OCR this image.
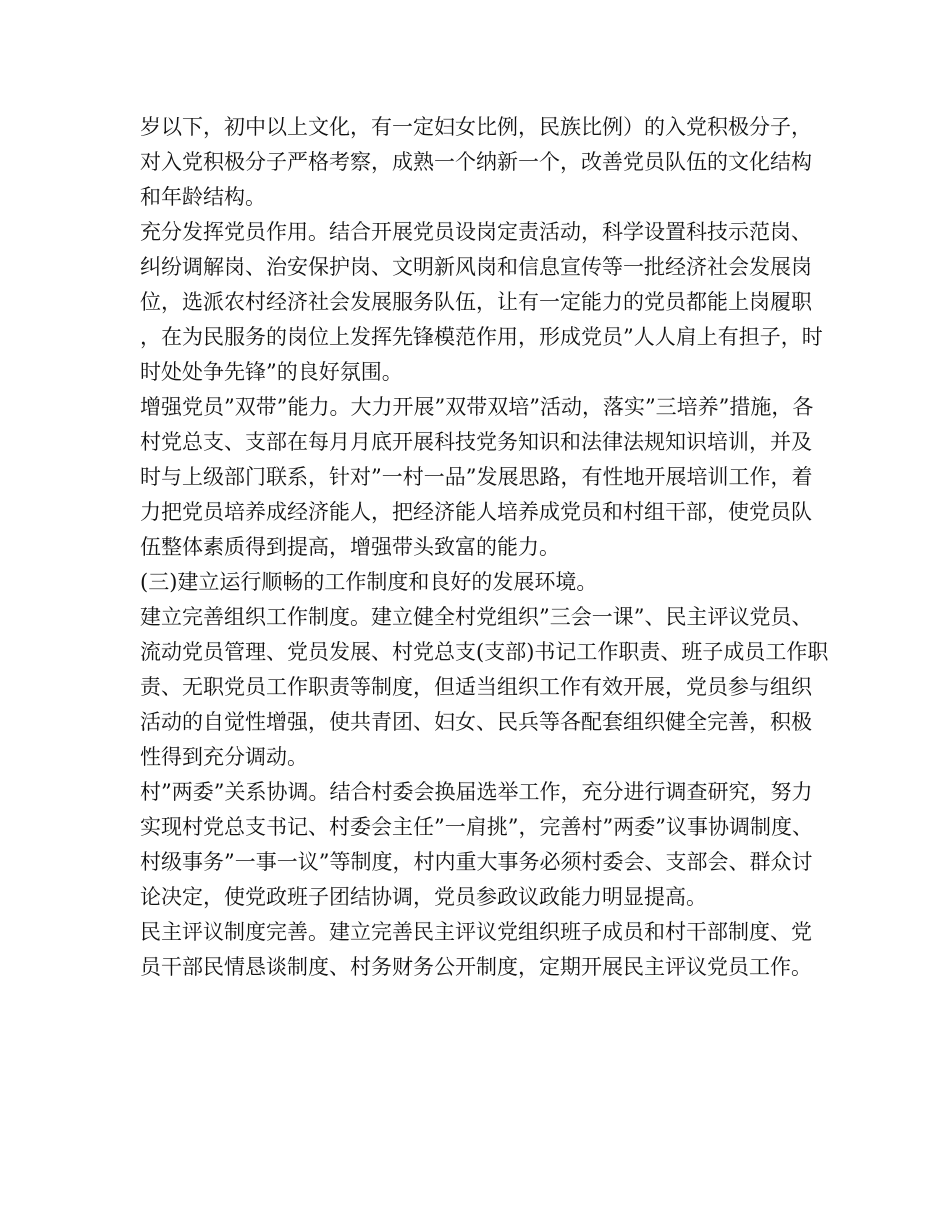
岁以下，初中以上文化，有一定妇女比例，民族比例）的入党积极分子，对入党积极分子严格考察，成熟一个纳新一个，改善党员队伍的文化结构和年龄结构。

充分发挥党员作用。结合开展党员设岗定责活动，科学设置科技示范岗、纠纷调解岗、治安保护岗、文明新风岗和信息宣传等一批经济社会发展岗位，选派农村经济社会发展服务队伍，让有一定能力的党员都能上岗履职，在为民服务的岗位上发挥先锋模范作用，形成党员”人人肩上有担子，时时处处争先锋”的良好氛围。

增强党员”双带”能力。大力开展”双带双培”活动，落实”三培养”措施，各村党总支、支部在每月月底开展科技党务知识和法律法规知识培训，并及时与上级部门联系，针对”一村一品”发展思路，有性地开展培训工作，着力把党员培养成经济能人，把经济能人培养成党员和村组干部，使党员队伍整体素质得到提高，增强带头致富的能力。

(三)建立运行顺畅的工作制度和良好的发展环境。

建立完善组织工作制度。建立健全村党组织”三会一课”、民主评议党员、流动党员管理、党员发展、村党总支(支部)书记工作职责、班子成员工作职责、无职党员工作职责等制度，但适当组织工作有效开展，党员参与组织活动的自觉性增强，使共青团、妇女、民兵等各配套组织健全完善，积极性得到充分调动。

村”两委”关系协调。结合村委会换届选举工作，充分进行调查研究，努力实现村党总支书记、村委会主任”一肩挑”，完善村”两委”议事协调制度、村级事务”一事一议”等制度，村内重大事务必须村委会、支部会、群众讨论决定，使党政班子团结协调，党员参政议政能力明显提高。

民主评议制度完善。建立完善民主评议党组织班子成员和村干部制度、党员干部民情恳谈制度、村务财务公开制度，定期开展民主评议党员工作。
